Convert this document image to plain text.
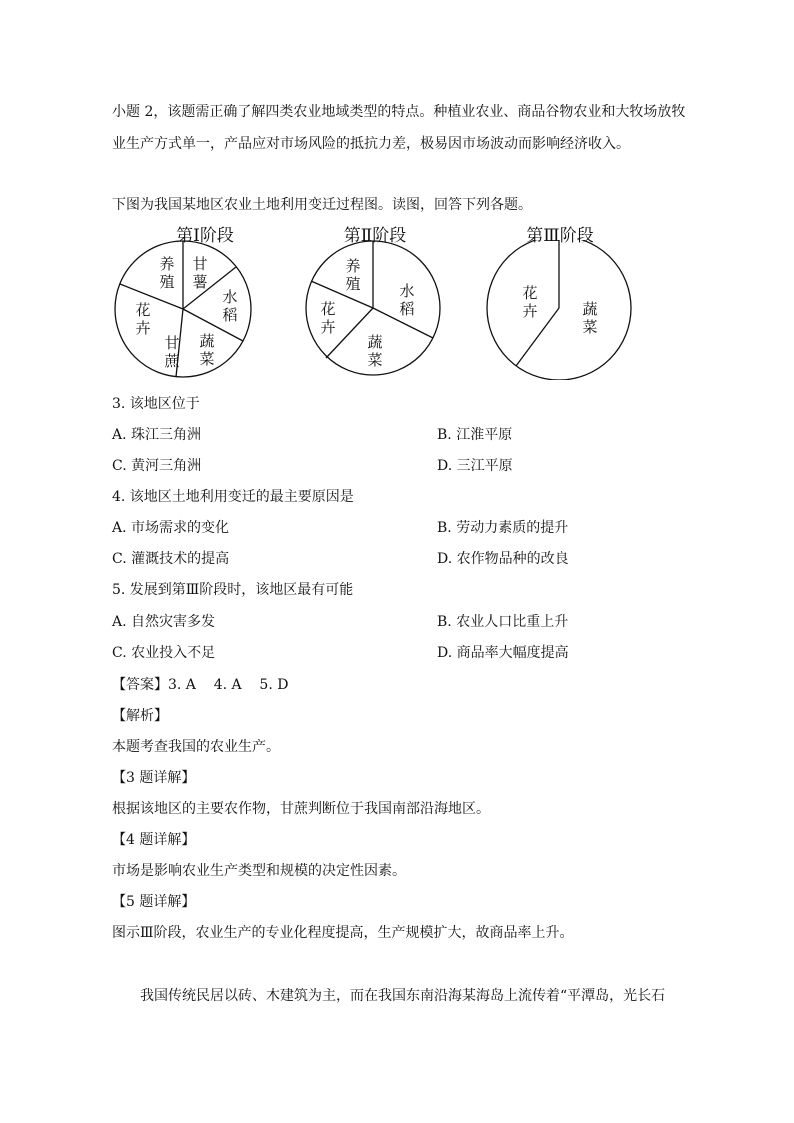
小题 2，该题需正确了解四类农业地域类型的特点。种植业农业、商品谷物农业和大牧场放牧
业生产方式单一，产品应对市场风险的抵抗力差，极易因市场波动而影响经济收入。
下图为我国某地区农业土地利用变迁过程图。读图，回答下列各题。
第Ⅰ阶段	第Ⅱ阶段	第Ⅲ阶段
养
殖
甘
薯
水
稻
蔬
菜
甘
蔗
花
卉
养
殖	水
稻
蔬
菜
花
卉
花
卉	蔬
菜
3. 该地区位于
A. 珠江三角洲	B. 江淮平原
C. 黄河三角洲	D. 三江平原
4. 该地区土地利用变迁的最主要原因是
A. 市场需求的变化	B. 劳动力素质的提升
C. 灌溉技术的提高	D. 农作物品种的改良
5. 发展到第Ⅲ阶段时，该地区最有可能
A. 自然灾害多发	B. 农业人口比重上升
C. 农业投入不足	D. 商品率大幅度提高
【答案】3. A    4. A    5. D
【解析】
本题考查我国的农业生产。
【3 题详解】
根据该地区的主要农作物，甘蔗判断位于我国南部沿海地区。
【4 题详解】
市场是影响农业生产类型和规模的决定性因素。
【5 题详解】
图示Ⅲ阶段，农业生产的专业化程度提高，生产规模扩大，故商品率上升。
　我国传统民居以砖、木建筑为主，而在我国东南沿海某海岛上流传着“平潭岛，光长石
